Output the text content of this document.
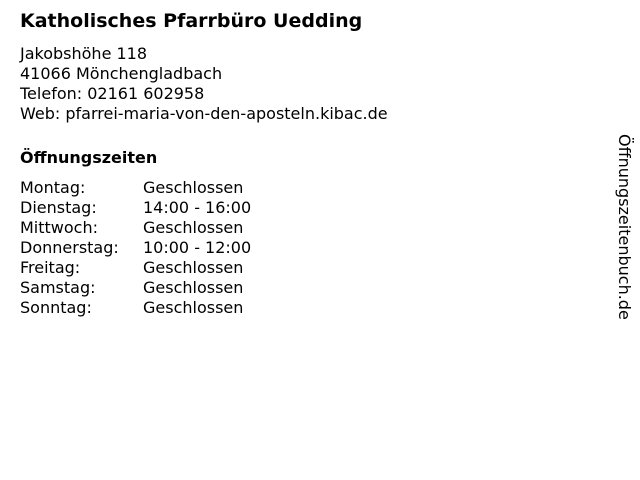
Katholisches Pfarrbüro Uedding
Jakobshöhe 118
41066 Mönchengladbach
Telefon: 02161 602958
Web: pfarrei-maria-von-den-aposteln.kibac.de
Öffnungszeiten
Montag:	Geschlossen
Dienstag:	14:00 - 16:00
Mittwoch:	Geschlossen
Donnerstag:	10:00 - 12:00
Freitag:	Geschlossen
Samstag:	Geschlossen
Sonntag:	Geschlossen	Öffnungszeitenbuch.de
